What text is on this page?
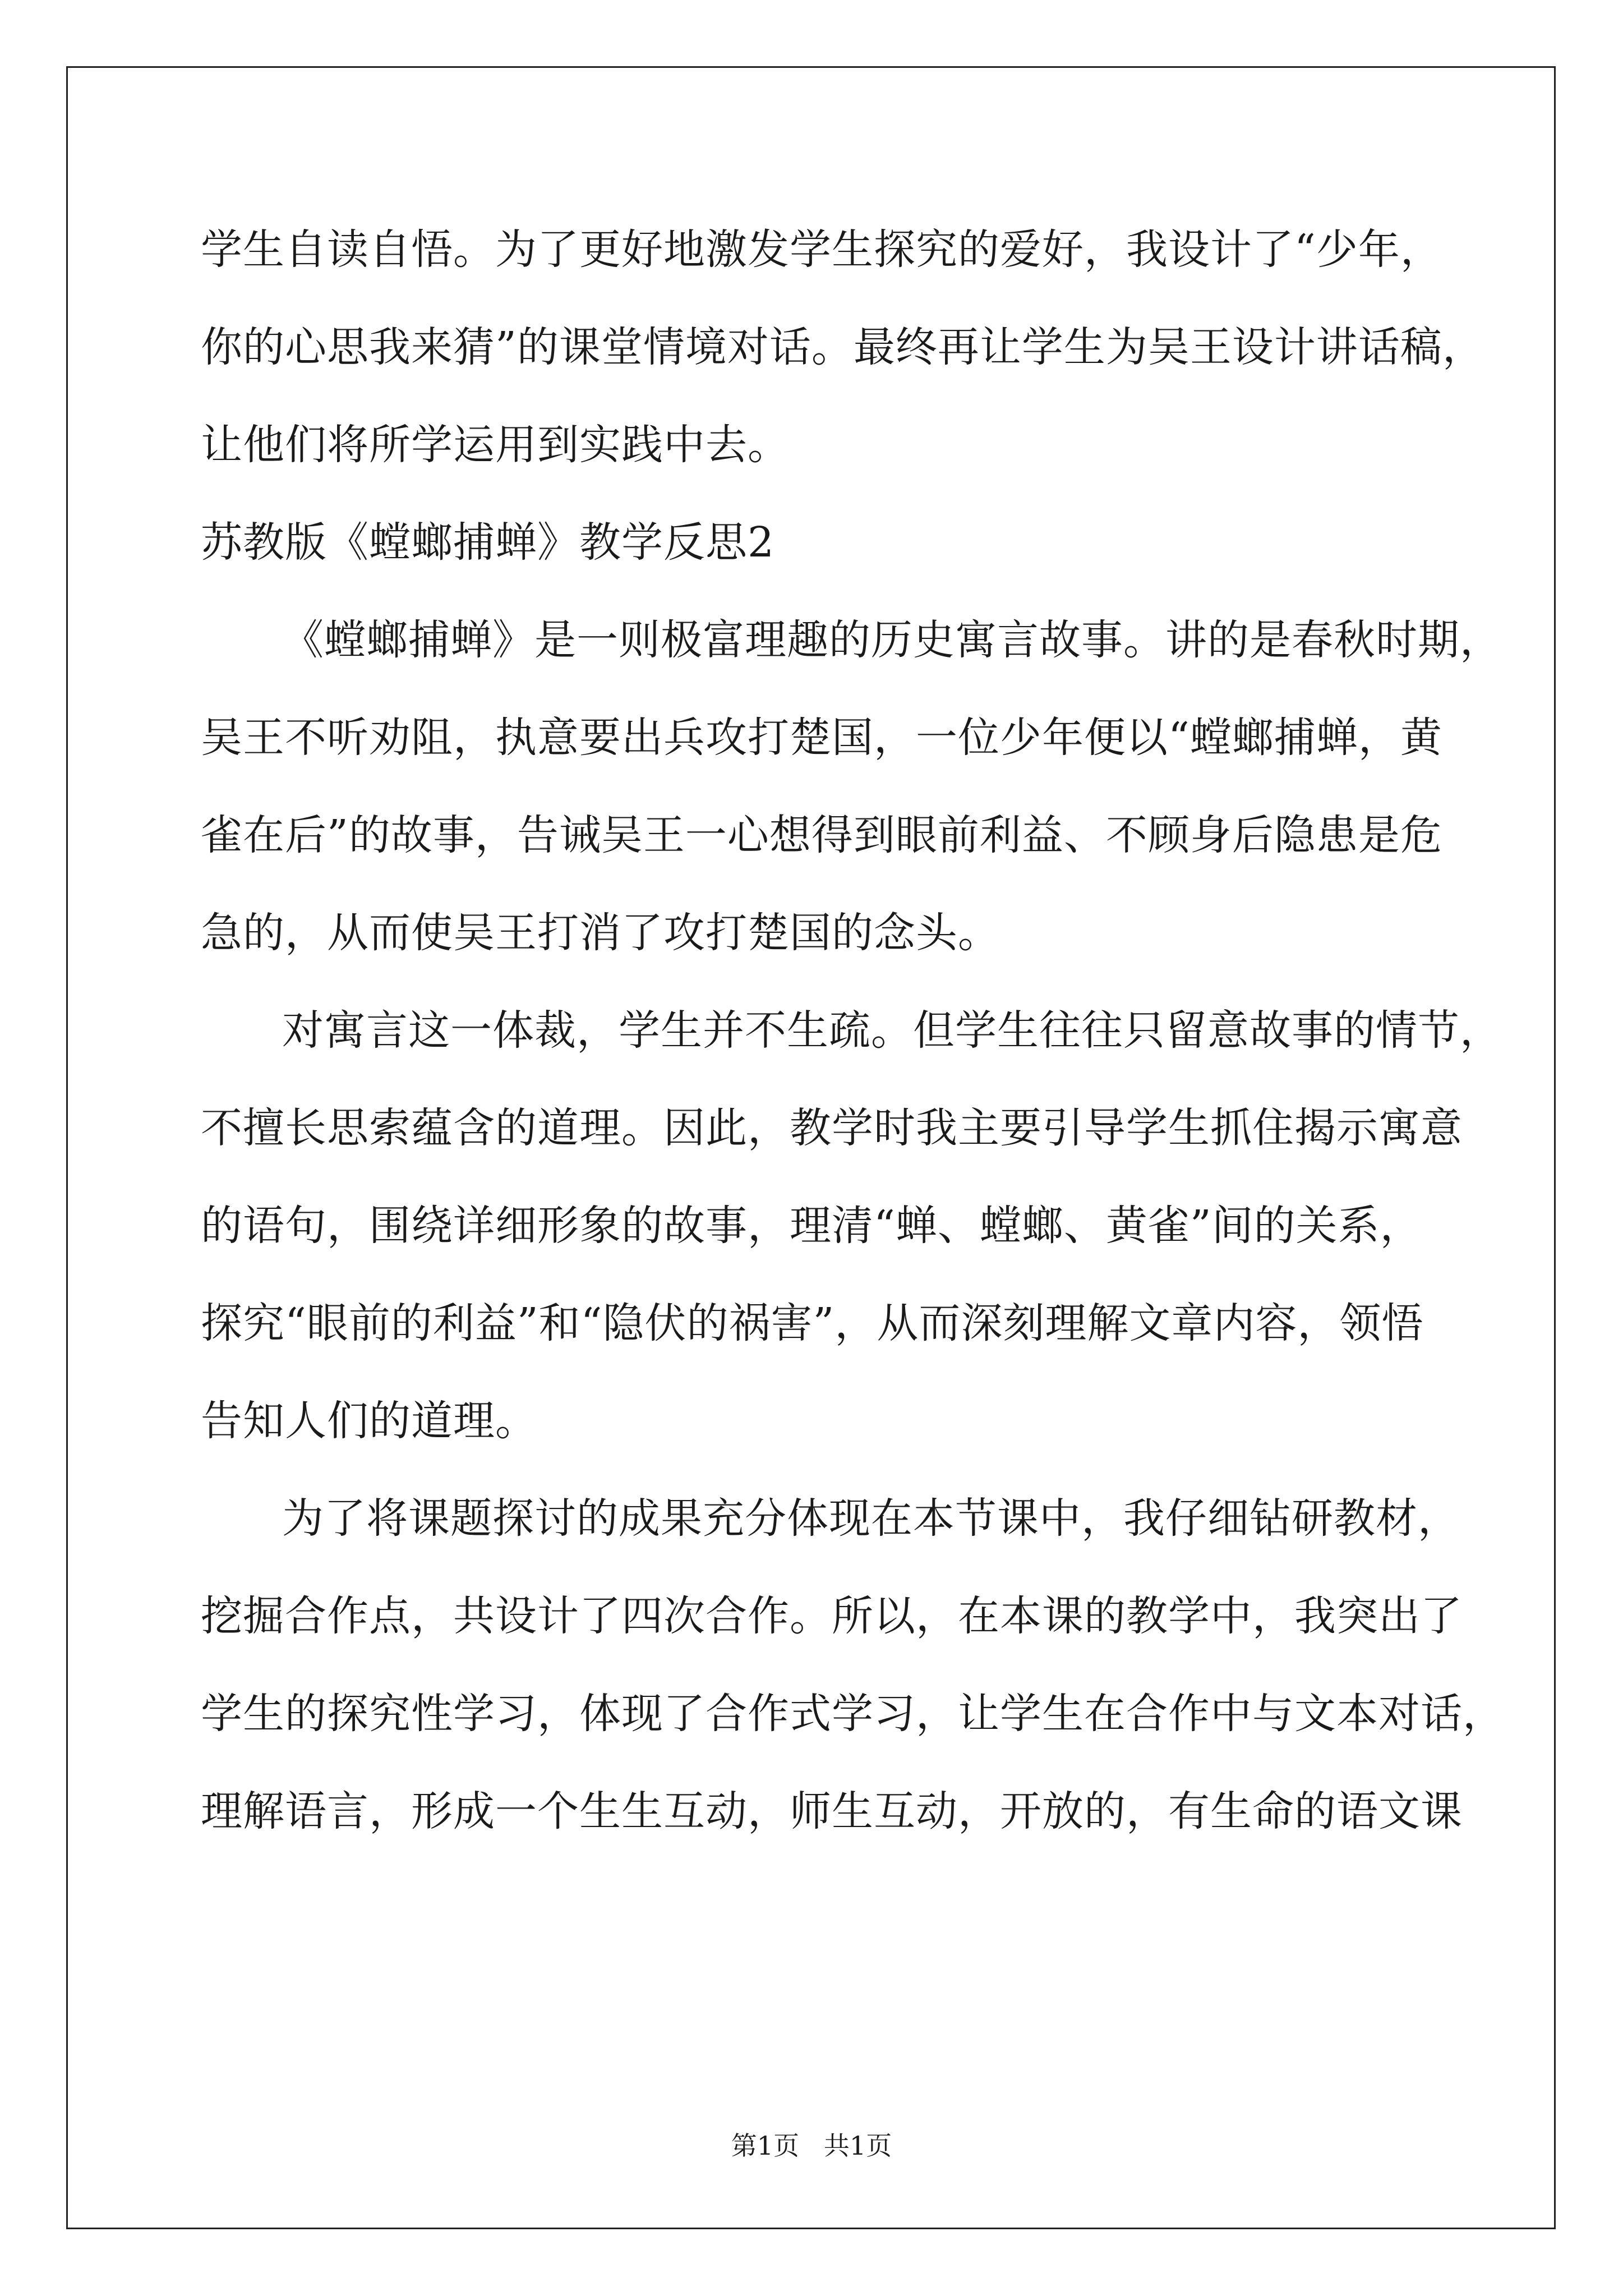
学生自读自悟。为了更好地激发学生探究的爱好，我设计了“少年，
你的心思我来猜”的课堂情境对话。最终再让学生为吴王设计讲话稿，
让他们将所学运用到实践中去。
苏教版《螳螂捕蝉》教学反思2
《螳螂捕蝉》是一则极富理趣的历史寓言故事。讲的是春秋时期，
吴王不听劝阻，执意要出兵攻打楚国，一位少年便以“螳螂捕蝉，黄
雀在后”的故事，告诫吴王一心想得到眼前利益、不顾身后隐患是危
急的，从而使吴王打消了攻打楚国的念头。
对寓言这一体裁，学生并不生疏。但学生往往只留意故事的情节，
不擅长思索蕴含的道理。因此，教学时我主要引导学生抓住揭示寓意
的语句，围绕详细形象的故事，理清“蝉、螳螂、黄雀”间的关系，
探究“眼前的利益”和“隐伏的祸害”，从而深刻理解文章内容，领悟
告知人们的道理。
为了将课题探讨的成果充分体现在本节课中，我仔细钻研教材，
挖掘合作点，共设计了四次合作。所以，在本课的教学中，我突出了
学生的探究性学习，体现了合作式学习，让学生在合作中与文本对话，
理解语言，形成一个生生互动，师生互动，开放的，有生命的语文课
第1页   共1页
